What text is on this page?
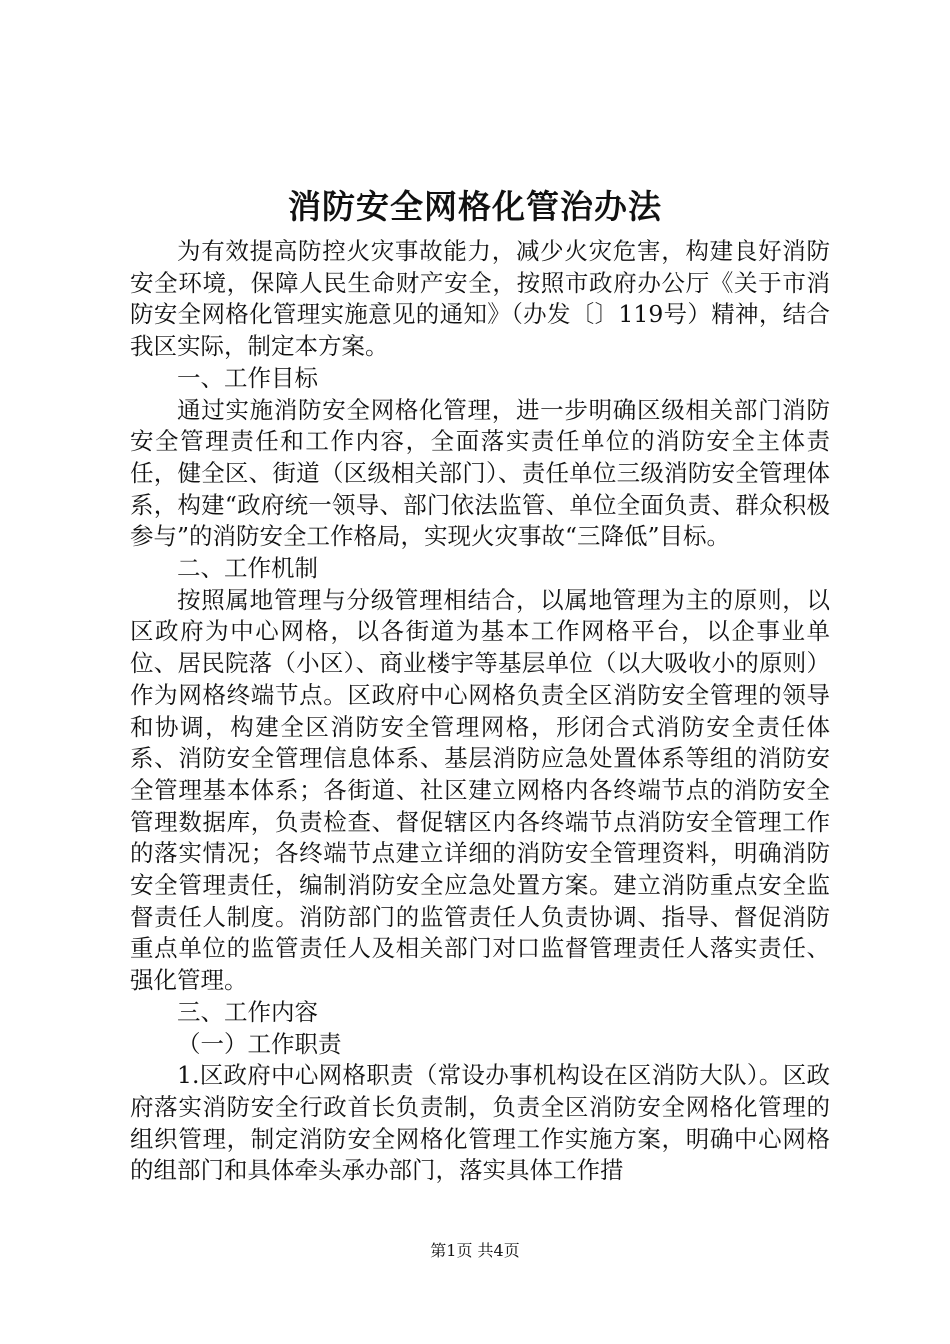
消防安全网格化管治办法

为有效提高防控火灾事故能力，减少火灾危害，构建良好消防安全环境，保障人民生命财产安全，按照市政府办公厅《关于市消防安全网格化管理实施意见的通知》（办发〔〕119号）精神，结合我区实际，制定本方案。

一、工作目标

通过实施消防安全网格化管理，进一步明确区级相关部门消防安全管理责任和工作内容，全面落实责任单位的消防安全主体责任，健全区、街道（区级相关部门）、责任单位三级消防安全管理体系，构建“政府统一领导、部门依法监管、单位全面负责、群众积极参与”的消防安全工作格局，实现火灾事故“三降低”目标。

二、工作机制

按照属地管理与分级管理相结合，以属地管理为主的原则，以区政府为中心网格，以各街道为基本工作网格平台，以企事业单位、居民院落（小区）、商业楼宇等基层单位（以大吸收小的原则）作为网格终端节点。区政府中心网格负责全区消防安全管理的领导和协调，构建全区消防安全管理网格，形闭合式消防安全责任体系、消防安全管理信息体系、基层消防应急处置体系等组的消防安全管理基本体系；各街道、社区建立网格内各终端节点的消防安全管理数据库，负责检查、督促辖区内各终端节点消防安全管理工作的落实情况；各终端节点建立详细的消防安全管理资料，明确消防安全管理责任，编制消防安全应急处置方案。建立消防重点安全监督责任人制度。消防部门的监管责任人负责协调、指导、督促消防重点单位的监管责任人及相关部门对口监督管理责任人落实责任、强化管理。

三、工作内容

（一）工作职责

1.区政府中心网格职责（常设办事机构设在区消防大队）。区政府落实消防安全行政首长负责制，负责全区消防安全网格化管理的组织管理，制定消防安全网格化管理工作实施方案，明确中心网格的组部门和具体牵头承办部门，落实具体工作措

第1页 共4页
